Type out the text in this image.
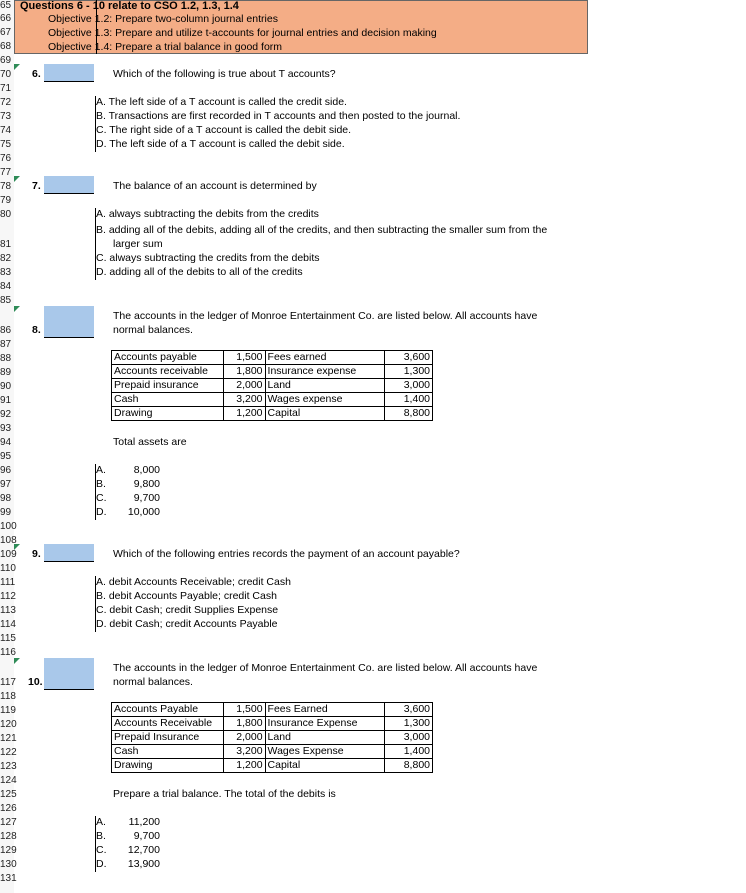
65
66
67
68
69
70
71
72
73
74
75
76
77
78
79
80
81
82
83
84
85
86
87
88
89
90
91
92
93
94
95
96
97
98
99
100
108
109
110
111
112
113
114
115
116
117
118
119
120
121
122
123
124
125
126
127
128
129
130
131
Questions 6 - 10 relate to CSO 1.2, 1.3, 1.4
Objective 1.2: Prepare two-column journal entries
Objective 1.3: Prepare and utilize t-accounts for journal entries and decision making
Objective 1.4: Prepare a trial balance in good form
6.	Which of the following is true about T accounts?
A. The left side of a T account is called the credit side.
B. Transactions are first recorded in T accounts and then posted to the journal.
C. The right side of a T account is called the debit side.
D. The left side of a T account is called the debit side.
7.	The balance of an account is determined by
A. always subtracting the debits from the credits
B. adding all of the debits, adding all of the credits, and then subtracting the smaller sum from the
larger sum
C. always subtracting the credits from the debits
D. adding all of the debits to all of the credits
8.
The accounts in the ledger of Monroe Entertainment Co. are listed below. All accounts have
normal balances.
Accounts payable	1,500	Fees earned	3,600
Accounts receivable	1,800	Insurance expense	1,300
Prepaid insurance	2,000	Land	3,000
Cash	3,200	Wages expense	1,400
Drawing	1,200	Capital	8,800
Total assets are
A.	8,000
B.	9,800
C.	9,700
D.	10,000
9.	Which of the following entries records the payment of an account payable?
A. debit Accounts Receivable; credit Cash
B. debit Accounts Payable; credit Cash
C. debit Cash; credit Supplies Expense
D. debit Cash; credit Accounts Payable
10.
The accounts in the ledger of Monroe Entertainment Co. are listed below. All accounts have
normal balances.
Accounts Payable	1,500	Fees Earned	3,600
Accounts Receivable	1,800	Insurance Expense	1,300
Prepaid Insurance	2,000	Land	3,000
Cash	3,200	Wages Expense	1,400
Drawing	1,200	Capital	8,800
Prepare a trial balance. The total of the debits is
A.	11,200
B.	9,700
C.	12,700
D.	13,900
